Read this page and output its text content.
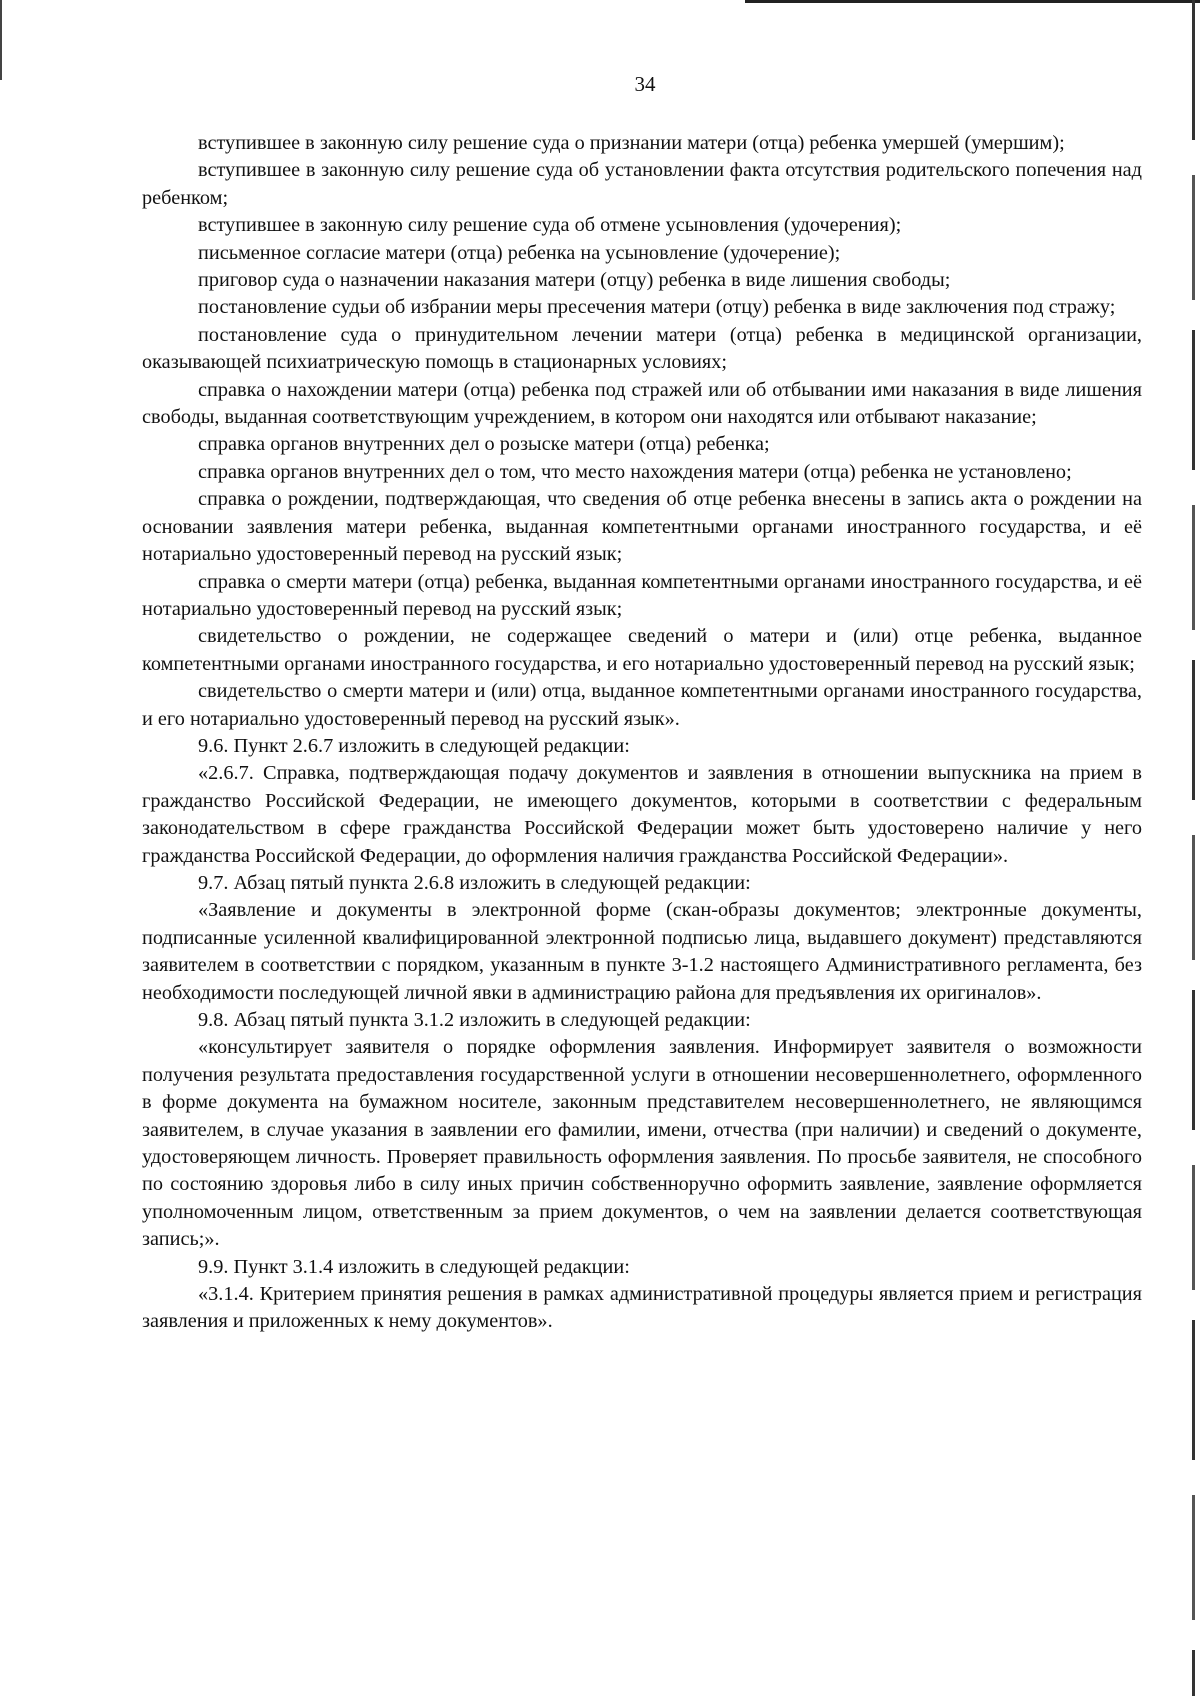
34

вступившее в законную силу решение суда о признании матери (отца) ребенка умершей (умершим);

вступившее в законную силу решение суда об установлении факта отсутствия родительского попечения над ребенком;

вступившее в законную силу решение суда об отмене усыновления (удочерения);

письменное согласие матери (отца) ребенка на усыновление (удочерение);

приговор суда о назначении наказания матери (отцу) ребенка в виде лишения свободы;

постановление судьи об избрании меры пресечения матери (отцу) ребенка в виде заключения под стражу;

постановление суда о принудительном лечении матери (отца) ребенка в медицинской организации, оказывающей психиатрическую помощь в стационарных условиях;

справка о нахождении матери (отца) ребенка под стражей или об отбывании ими наказания в виде лишения свободы, выданная соответствующим учреждением, в котором они находятся или отбывают наказание;

справка органов внутренних дел о розыске матери (отца) ребенка;

справка органов внутренних дел о том, что место нахождения матери (отца) ребенка не установлено;

справка о рождении, подтверждающая, что сведения об отце ребенка внесены в запись акта о рождении на основании заявления матери ребенка, выданная компетентными органами иностранного государства, и её нотариально удостоверенный перевод на русский язык;

справка о смерти матери (отца) ребенка, выданная компетентными органами иностранного государства, и её нотариально удостоверенный перевод на русский язык;

свидетельство о рождении, не содержащее сведений о матери и (или) отце ребенка, выданное компетентными органами иностранного государства, и его нотариально удостоверенный перевод на русский язык;

свидетельство о смерти матери и (или) отца, выданное компетентными органами иностранного государства, и его нотариально удостоверенный перевод на русский язык».

9.6. Пункт 2.6.7 изложить в следующей редакции:

«2.6.7. Справка, подтверждающая подачу документов и заявления в отношении выпускника на прием в гражданство Российской Федерации, не имеющего документов, которыми в соответствии с федеральным законодательством в сфере гражданства Российской Федерации может быть удостоверено наличие у него гражданства Российской Федерации, до оформления наличия гражданства Российской Федерации».

9.7. Абзац пятый пункта 2.6.8 изложить в следующей редакции:

«Заявление и документы в электронной форме (скан-образы документов; электронные документы, подписанные усиленной квалифицированной электронной подписью лица, выдавшего документ) представляются заявителем в соответствии с порядком, указанным в пункте 3-1.2 настоящего Административного регламента, без необходимости последующей личной явки в администрацию района для предъявления их оригиналов».

9.8. Абзац пятый пункта 3.1.2 изложить в следующей редакции:

«консультирует заявителя о порядке оформления заявления. Информирует заявителя о возможности получения результата предоставления государственной услуги в отношении несовершеннолетнего, оформленного в форме документа на бумажном носителе, законным представителем несовершеннолетнего, не являющимся заявителем, в случае указания в заявлении его фамилии, имени, отчества (при наличии) и сведений о документе, удостоверяющем личность. Проверяет правильность оформления заявления. По просьбе заявителя, не способного по состоянию здоровья либо в силу иных причин собственноручно оформить заявление, заявление оформляется уполномоченным лицом, ответственным за прием документов, о чем на заявлении делается соответствующая запись;».

9.9. Пункт 3.1.4 изложить в следующей редакции:

«3.1.4. Критерием принятия решения в рамках административной процедуры является прием и регистрация заявления и приложенных к нему документов».
